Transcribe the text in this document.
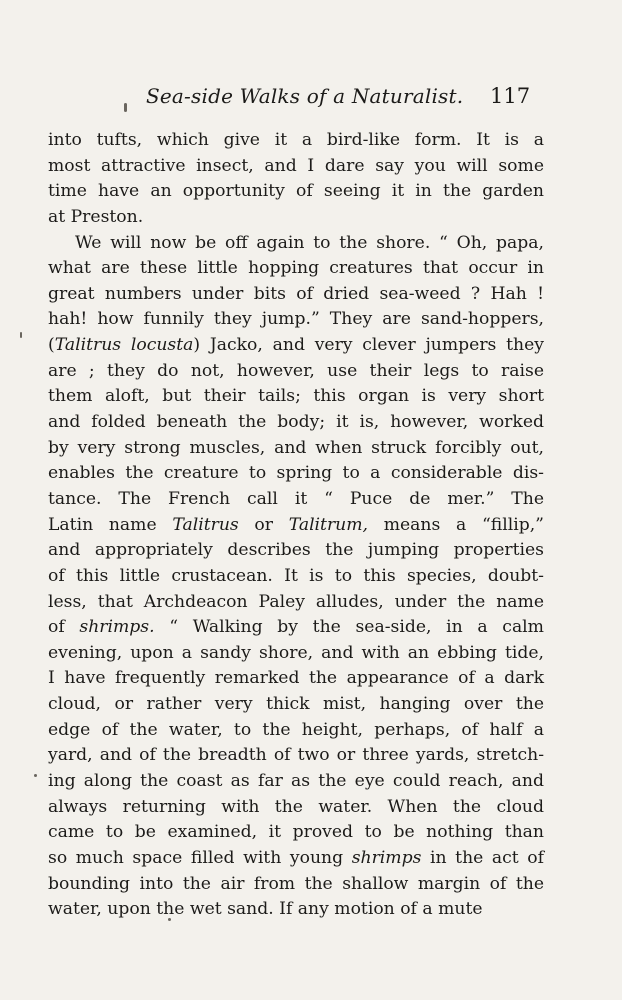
Sea-side Walks of a Naturalist. 117
into tufts, which give it a bird-like form. It is a
most attractive insect, and I dare say you will some
time have an opportunity of seeing it in the garden
at Preston.
We will now be off again to the shore. “ Oh, papa,
what are these little hopping creatures that occur in
great numbers under bits of dried sea-weed ? Hah !
hah! how funnily they jump.” They are sand-hoppers,
(Talitrus locusta) Jacko, and very clever jumpers they
are ; they do not, however, use their legs to raise
them aloft, but their tails; this organ is very short
and folded beneath the body; it is, however, worked
by very strong muscles, and when struck forcibly out,
enables the creature to spring to a considerable dis-
tance. The French call it “ Puce de mer.” The
Latin name Talitrus or Talitrum, means a “fillip,”
and appropriately describes the jumping properties
of this little crustacean. It is to this species, doubt-
less, that Archdeacon Paley alludes, under the name
of shrimps. “ Walking by the sea-side, in a calm
evening, upon a sandy shore, and with an ebbing tide,
I have frequently remarked the appearance of a dark
cloud, or rather very thick mist, hanging over the
edge of the water, to the height, perhaps, of half a
yard, and of the breadth of two or three yards, stretch-
ing along the coast as far as the eye could reach, and
always returning with the water. When the cloud
came to be examined, it proved to be nothing than
so much space filled with young shrimps in the act of
bounding into the air from the shallow margin of the
water, upon the wet sand. If any motion of a mute
